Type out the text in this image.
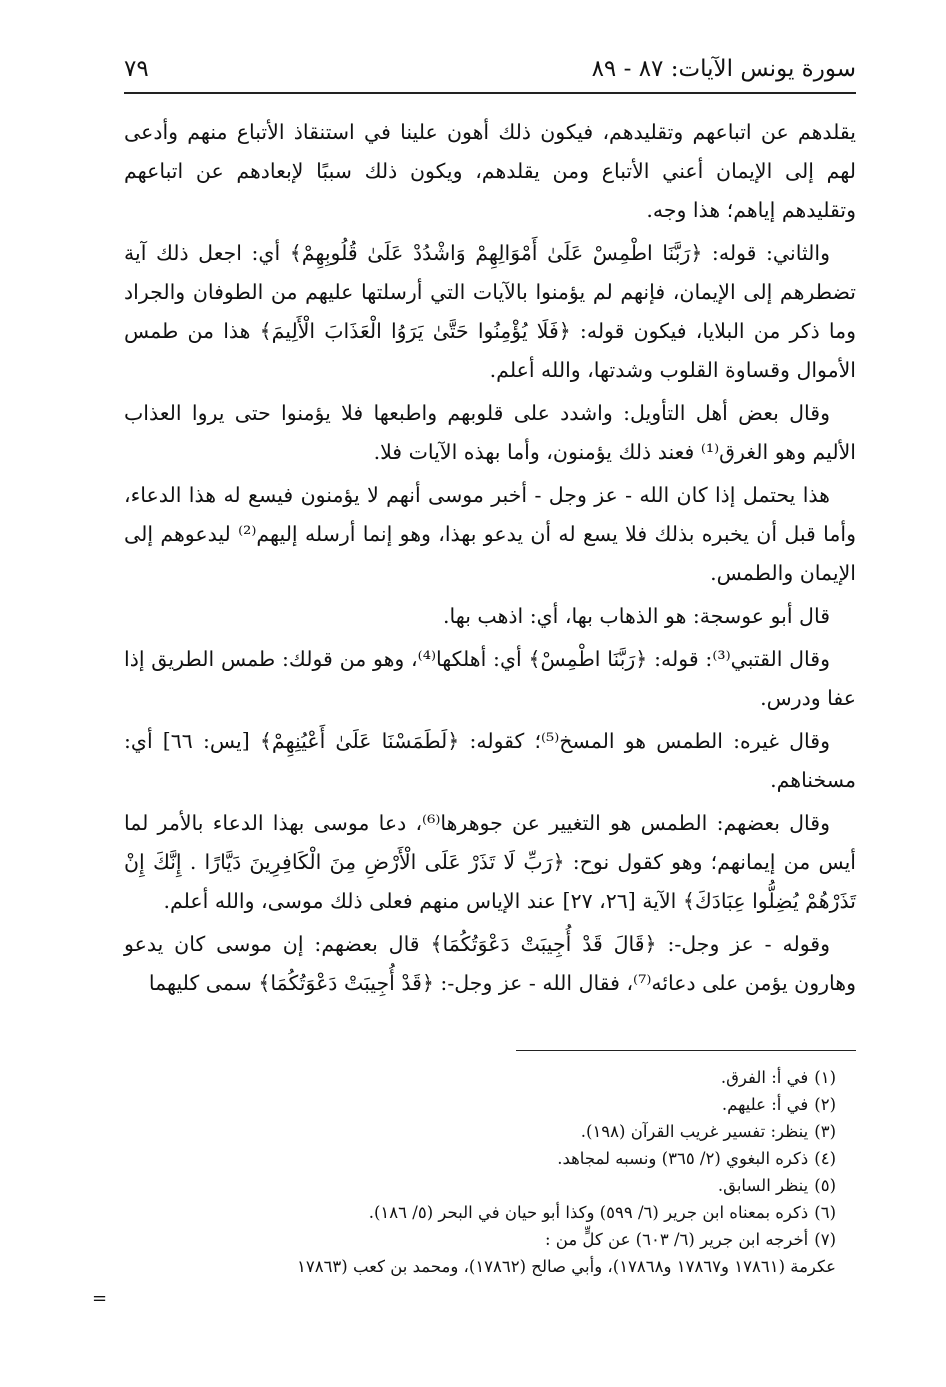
سورة يونس الآيات: ٨٧ - ٨٩
٧٩

يقلدهم عن اتباعهم وتقليدهم، فيكون ذلك أهون علينا في استنقاذ الأتباع منهم وأدعى لهم إلى الإيمان أعني الأتباع ومن يقلدهم، ويكون ذلك سببًا لإبعادهم عن اتباعهم وتقليدهم إياهم؛ هذا وجه.

والثاني: قوله: ﴿رَبَّنَا اطْمِسْ عَلَىٰ أَمْوَالِهِمْ وَاشْدُدْ عَلَىٰ قُلُوبِهِمْ﴾ أي: اجعل ذلك آية تضطرهم إلى الإيمان، فإنهم لم يؤمنوا بالآيات التي أرسلتها عليهم من الطوفان والجراد وما ذكر من البلايا، فيكون قوله: ﴿فَلَا يُؤْمِنُوا حَتَّىٰ يَرَوُا الْعَذَابَ الْأَلِيمَ﴾ هذا من طمس الأموال وقساوة القلوب وشدتها، والله أعلم.

وقال بعض أهل التأويل: واشدد على قلوبهم واطبعها فلا يؤمنوا حتى يروا العذاب الأليم وهو الغرق⁽¹⁾ فعند ذلك يؤمنون، وأما بهذه الآيات فلا.

هذا يحتمل إذا كان الله - عز وجل - أخبر موسى أنهم لا يؤمنون فيسع له هذا الدعاء، وأما قبل أن يخبره بذلك فلا يسع له أن يدعو بهذا، وهو إنما أرسله إليهم⁽²⁾ ليدعوهم إلى الإيمان والطمس.

قال أبو عوسجة: هو الذهاب بها، أي: اذهب بها.

وقال القتبي⁽³⁾: قوله: ﴿رَبَّنَا اطْمِسْ﴾ أي: أهلكها⁽⁴⁾، وهو من قولك: طمس الطريق إذا عفا ودرس.

وقال غيره: الطمس هو المسخ⁽⁵⁾؛ كقوله: ﴿لَطَمَسْنَا عَلَىٰ أَعْيُنِهِمْ﴾ [يس: ٦٦] أي: مسخناهم.

وقال بعضهم: الطمس هو التغيير عن جوهرها⁽⁶⁾، دعا موسى بهذا الدعاء بالأمر لما أيس من إيمانهم؛ وهو كقول نوح: ﴿رَبِّ لَا تَذَرْ عَلَى الْأَرْضِ مِنَ الْكَافِرِينَ دَيَّارًا . إِنَّكَ إِنْ تَذَرْهُمْ يُضِلُّوا عِبَادَكَ﴾ الآية [٢٦، ٢٧] عند الإياس منهم فعلى ذلك موسى، والله أعلم.

وقوله - عز وجل-: ﴿قَالَ قَدْ أُجِيبَتْ دَعْوَتُكُمَا﴾ قال بعضهم: إن موسى كان يدعو وهارون يؤمن على دعائه⁽⁷⁾، فقال الله - عز وجل-: ﴿قَدْ أُجِيبَتْ دَعْوَتُكُمَا﴾ سمى كليهما

(١)في أ: الفرق.
(٢)في أ: عليهم.
(٣)ينظر: تفسير غريب القرآن (١٩٨).
(٤)ذكره البغوي (٢/ ٣٦٥) ونسبه لمجاهد.
(٥)ينظر السابق.
(٦)ذكره بمعناه ابن جرير (٦/ ٥٩٩) وكذا أبو حيان في البحر (٥/ ١٨٦).
(٧)أخرجه ابن جرير (٦/ ٦٠٣) عن كلٍّ من :
عكرمة (١٧٨٦١ و١٧٨٦٧ و١٧٨٦٨)، وأبي صالح (١٧٨٦٢)، ومحمد بن كعب (١٧٨٦٣
=
